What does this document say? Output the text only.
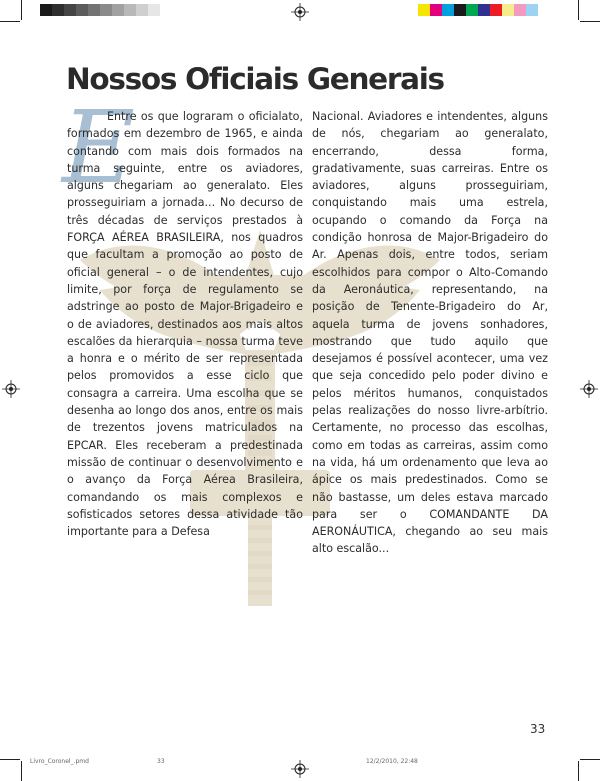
Nossos Oficiais Generais
E

Entre os que lograram o oficialato, formados em dezembro de 1965, e ainda contando com mais dois formados na turma seguinte, entre os aviadores, alguns chegariam ao generalato. Eles prosseguiriam a jornada... No decurso de três décadas de serviços prestados à FORÇA AÉREA BRASILEIRA, nos quadros que facultam a promoção ao posto de oficial general – o de intendentes, cujo limite, por força de regulamento se adstringe ao posto de Major-Brigadeiro e o de aviadores, destinados aos mais altos escalões da hierarquia – nossa turma teve a honra e o mérito de ser representada pelos promovidos a esse ciclo que consagra a carreira. Uma escolha que se desenha ao longo dos anos, entre os mais de trezentos jovens matriculados na EPCAR. Eles receberam a predestinada missão de continuar o desenvolvimento e o avanço da Força Aérea Brasileira, comandando os mais complexos e sofisticados setores dessa atividade tão importante para a Defesa

Nacional. Aviadores e intendentes, alguns de nós, chegariam ao generalato, encerrando, dessa forma, gradativamente, suas carreiras. Entre os aviadores, alguns prosseguiriam, conquistando mais uma estrela, ocupando o comando da Força na condição honrosa de Major-Brigadeiro do Ar. Apenas dois, entre todos, seriam escolhidos para compor o Alto-Comando da Aeronáutica, representando, na posição de Tenente-Brigadeiro do Ar, aquela turma de jovens sonhadores, mostrando que tudo aquilo que desejamos é possível acontecer, uma vez que seja concedido pelo poder divino e pelos méritos humanos, conquistados pelas realizações do nosso livre-arbítrio. Certamente, no processo das escolhas, como em todas as carreiras, assim como na vida, há um ordenamento que leva ao ápice os mais predestinados. Como se não bastasse, um deles estava marcado para ser o COMANDANTE DA AERONÁUTICA, chegando ao seu mais alto escalão...

33
Livro_Coronel_.pmd	33	12/2/2010, 22:48
